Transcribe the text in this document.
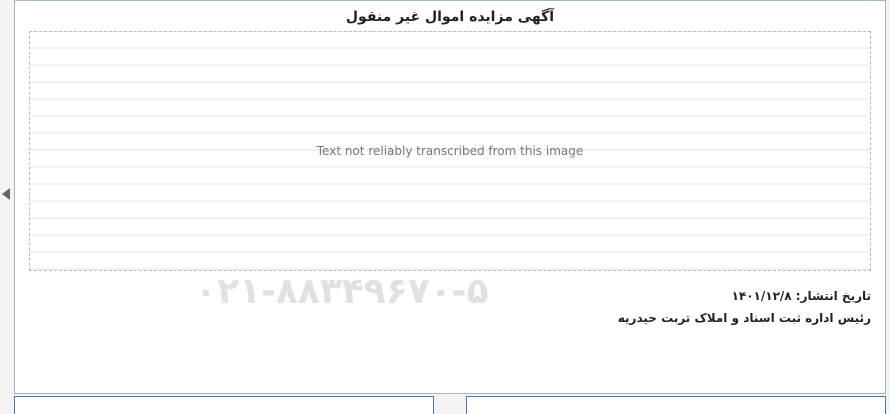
آگهی مزایده اموال غیر منقول
Text not reliably transcribed from this image
تاریخ انتشار: ۱۴۰۱/۱۲/۸
رئیس اداره ثبت اسناد و املاک تربت حیدریه
۰۲۱-۸۸۳۴۹۶۷۰-۵
